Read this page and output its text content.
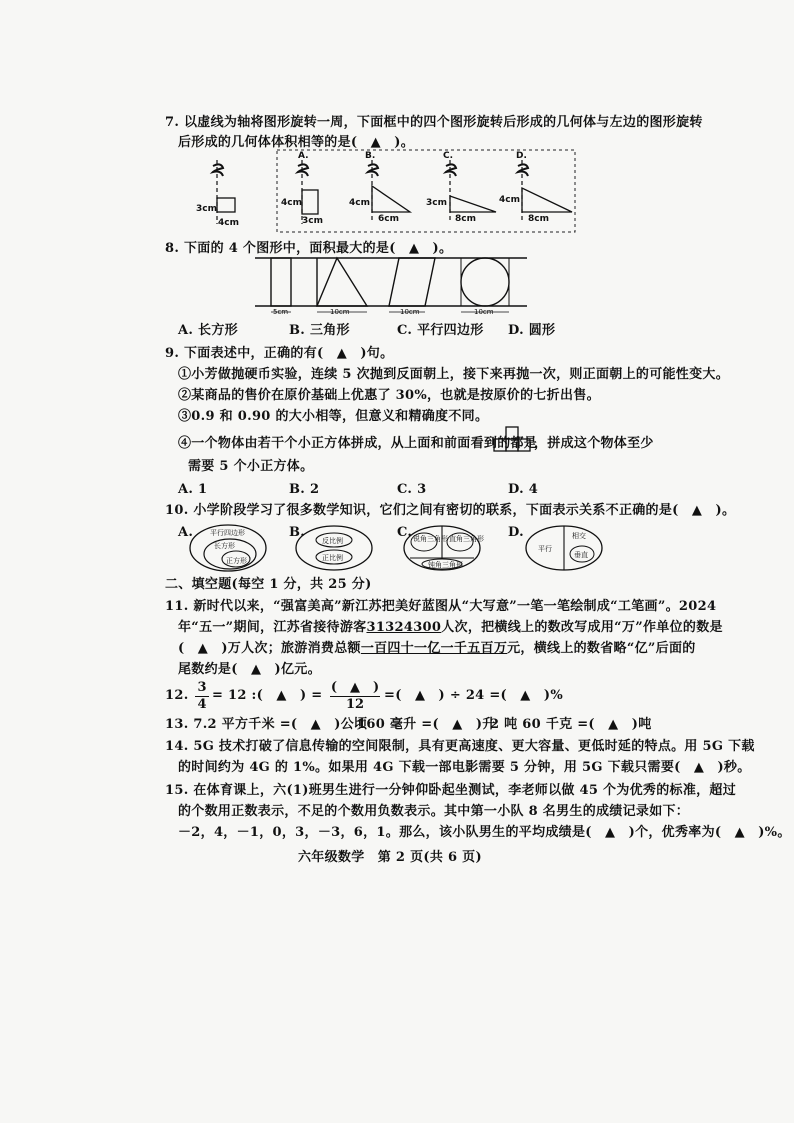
7. 以虚线为轴将图形旋转一周，下面框中的四个图形旋转后形成的几何体与左边的图形旋转
后形成的几何体体积相等的是(　▲　)。
3cm
4cm
A.
4cm
3cm
B.
4cm
6cm
C.
3cm
8cm
D.
4cm
8cm
8. 下面的 4 个图形中，面积最大的是(　▲　)。
5cm	10cm	10cm	10cm
A. 长方形	B. 三角形	C. 平行四边形 D. 圆形
9. 下面表述中，正确的有(　▲　)句。
①小芳做抛硬币实验，连续 5 次抛到反面朝上，接下来再抛一次，则正面朝上的可能性变大。
②某商品的售价在原价基础上优惠了 30%，也就是按原价的七折出售。
③0.9 和 0.90 的大小相等，但意义和精确度不同。
④一个物体由若干个小正方体拼成，从上面和前面看到的都是
，拼成这个物体至少
需要 5 个小正方体。
A. 1	B. 2	C. 3	D. 4
10. 小学阶段学习了很多数学知识，它们之间有密切的联系，下面表示关系不正确的是(　▲　)。
A. 平行四边形
长方形
正方形
B.
反比例
正比例
C. 锐角三角形 直角三角形
钝角三角形
D.
平行
相交
垂直
二、填空题(每空 1 分，共 25 分)
11. 新时代以来，“强富美高”新江苏把美好蓝图从“大写意”一笔一笔绘制成“工笔画”。2024
年“五一”期间，江苏省接待游客31324300人次，把横线上的数改写成用“万”作单位的数是
(　▲　)万人次；旅游消费总额一百四十一亿一千五百万元，横线上的数省略“亿”后面的
尾数约是(　▲　)亿元。
12. $\frac{3}{4} = 12$ :(　▲　) =
(　▲　)
12
=(　▲　) ÷ 24 =(　▲　)%
13. 7.2 平方千米 =(　▲　)公顷
160 毫升 =(　▲　)升
2 吨 60 千克 =(　▲　)吨
14. 5G 技术打破了信息传输的空间限制，具有更高速度、更大容量、更低时延的特点。用 5G 下载
的时间约为 4G 的 1%。如果用 4G 下载一部电影需要 5 分钟，用 5G 下载只需要(　▲　)秒。
15. 在体育课上，六(1)班男生进行一分钟仰卧起坐测试，李老师以做 45 个为优秀的标准，超过
的个数用正数表示，不足的个数用负数表示。其中第一小队 8 名男生的成绩记录如下：
－2，4，－1，0，3，－3，6，1。那么，该小队男生的平均成绩是(　▲　)个，优秀率为(　▲　)%。
六年级数学　第 2 页(共 6 页)
